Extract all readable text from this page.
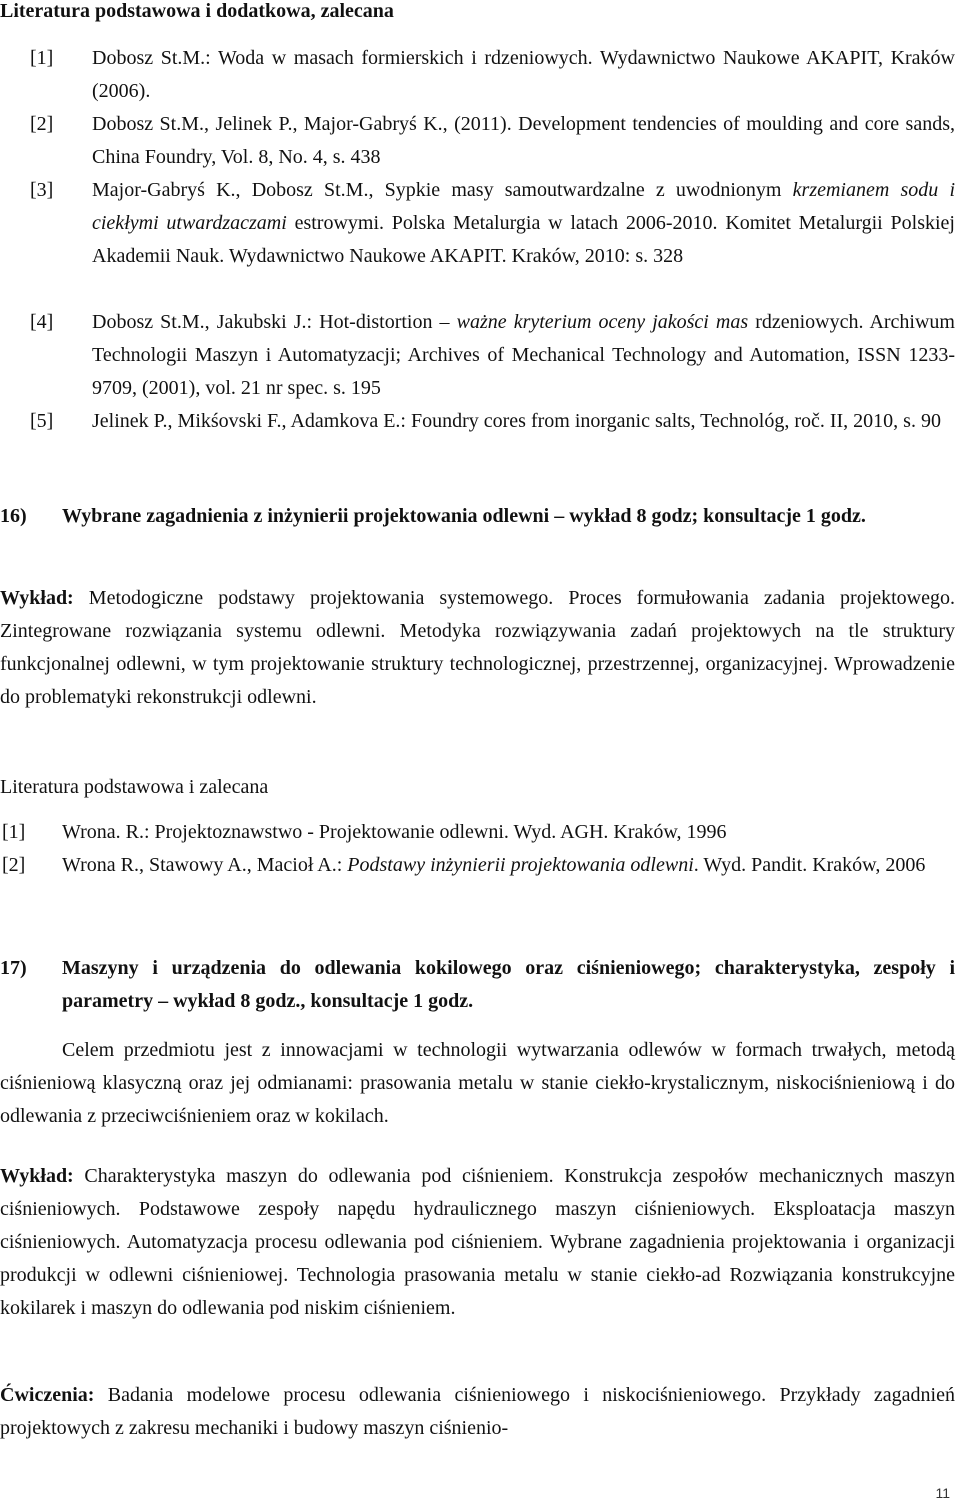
Literatura podstawowa i dodatkowa, zalecana
[1] Dobosz St.M.: Woda w masach formierskich i rdzeniowych. Wydawnictwo Naukowe AKAPIT, Kraków (2006).
[2] Dobosz St.M., Jelinek P., Major-Gabryś K., (2011). Development tendencies of moulding and core sands, China Foundry, Vol. 8, No. 4, s. 438
[3] Major-Gabryś K., Dobosz St.M., Sypkie masy samoutwardzalne z uwodnionym krzemianem sodu i ciekłymi utwardzaczami estrowymi. Polska Metalurgia w latach 2006-2010. Komitet Metalurgii Polskiej Akademii Nauk. Wydawnictwo Naukowe AKAPIT. Kraków, 2010: s. 328
[4] Dobosz St.M., Jakubski J.: Hot-distortion – ważne kryterium oceny jakości mas rdzeniowych. Archiwum Technologii Maszyn i Automatyzacji; Archives of Mechanical Technology and Automation, ISSN 1233-9709, (2001), vol. 21 nr spec. s. 195
[5] Jelinek P., Mikśovski F., Adamkova E.: Foundry cores from inorganic salts, Technológ, roč. II, 2010, s. 90
16) Wybrane zagadnienia z inżynierii projektowania odlewni – wykład 8 godz; konsultacje 1 godz.
Wykład: Metodogiczne podstawy projektowania systemowego. Proces formułowania zadania projektowego. Zintegrowane rozwiązania systemu odlewni. Metodyka rozwiązywania zadań projektowych na tle struktury funkcjonalnej odlewni, w tym projektowanie struktury technologicznej, przestrzennej, organizacyjnej. Wprowadzenie do problematyki rekonstrukcji odlewni.
Literatura podstawowa i zalecana
[1] Wrona. R.: Projektoznawstwo - Projektowanie odlewni. Wyd. AGH. Kraków, 1996
[2] Wrona R., Stawowy A., Macioł A.: Podstawy inżynierii projektowania odlewni. Wyd. Pandit. Kraków, 2006
17) Maszyny i urządzenia do odlewania kokilowego oraz ciśnieniowego; charakterystyka, zespoły i parametry – wykład 8 godz., konsultacje 1 godz.
Celem przedmiotu jest z innowacjami w technologii wytwarzania odlewów w formach trwałych, metodą ciśnieniową klasyczną oraz jej odmianami: prasowania metalu w stanie ciekło-krystalicznym, niskociśnieniową i do odlewania z przeciwciśnieniem oraz w kokilach.
Wykład: Charakterystyka maszyn do odlewania pod ciśnieniem. Konstrukcja zespołów mechanicznych maszyn ciśnieniowych. Podstawowe zespoły napędu hydraulicznego maszyn ciśnieniowych. Eksploatacja maszyn ciśnieniowych. Automatyzacja procesu odlewania pod ciśnieniem. Wybrane zagadnienia projektowania i organizacji produkcji w odlewni ciśnieniowej. Technologia prasowania metalu w stanie ciekło-ad Rozwiązania konstrukcyjne kokilarek i maszyn do odlewania pod niskim ciśnieniem.
Ćwiczenia: Badania modelowe procesu odlewania ciśnieniowego i niskociśnieniowego. Przykłady zagadnień projektowych z zakresu mechaniki i budowy maszyn ciśnienio-
11
